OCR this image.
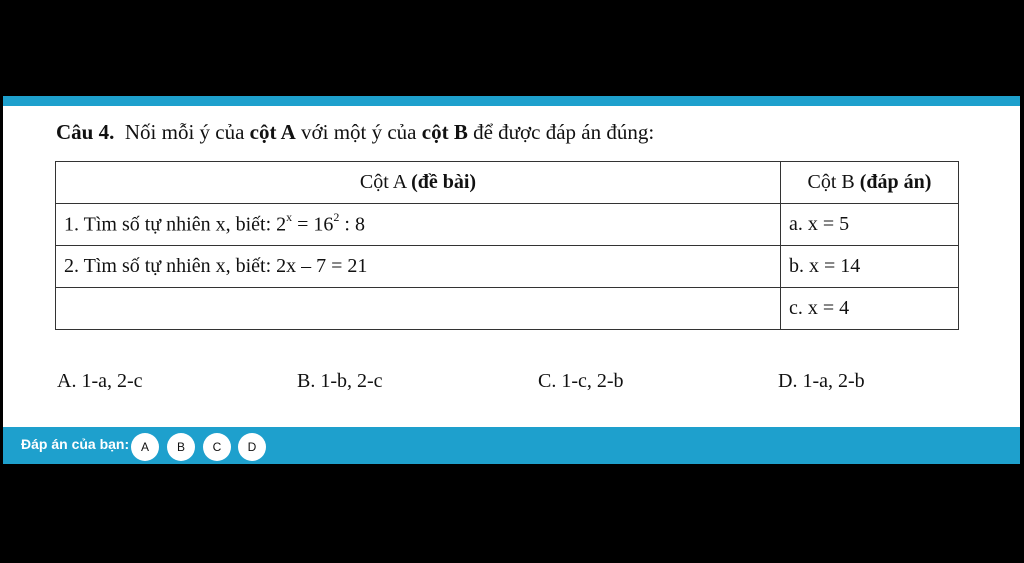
Câu 4. Nối mỗi ý của cột A với một ý của cột B để được đáp án đúng:
Cột A (đề bài)	Cột B (đáp án)
1. Tìm số tự nhiên x, biết: $2^x = 16^2$ : 8	a. x = 5
2. Tìm số tự nhiên x, biết: 2x – 7 = 21	b. x = 14
	c. x = 4
A. 1-a, 2-c	B. 1-b, 2-c	C. 1-c, 2-b	D. 1-a, 2-b
Đáp án của bạn: A	B	C	D
